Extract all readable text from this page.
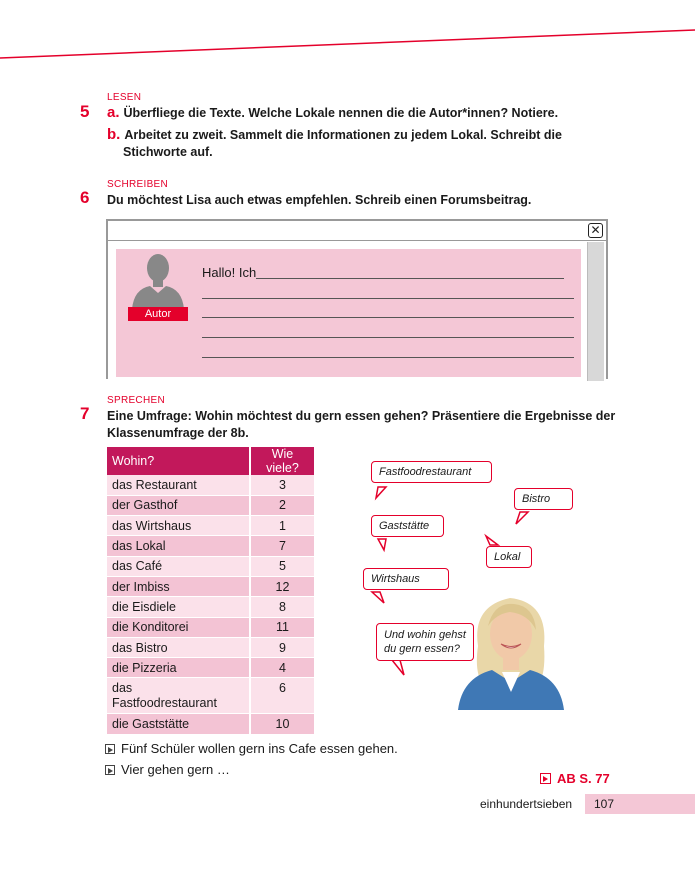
LESEN
5 a. Überfliege die Texte. Welche Lokale nennen die die Autor*innen? Notiere.
b. Arbeitet zu zweit. Sammelt die Informationen zu jedem Lokal. Schreibt die
Stichworte auf.
SCHREIBEN
6 Du möchtest Lisa auch etwas empfehlen. Schreib einen Forumsbeitrag.
✕
Autor
Hallo! Ich
SPRECHEN
7 Eine Umfrage: Wohin möchtest du gern essen gehen? Präsentiere die Ergebnisse der
Klassenumfrage der 8b.
Wohin?	Wie viele?
das Restaurant	3
der Gasthof	2
das Wirtshaus	1
das Lokal	7
das Café	5
der Imbiss	12
die Eisdiele	8
die Konditorei	11
das Bistro	9
die Pizzeria	4
das
Fastfoodrestaurant	6
die Gaststätte	10
Fastfoodrestaurant
Bistro
Gaststätte
Lokal
Wirtshaus
Und wohin gehst
du gern essen?
Fünf Schüler wollen gern ins Cafe essen gehen.
Vier gehen gern …
AB S. 77
einhundertsieben 107
